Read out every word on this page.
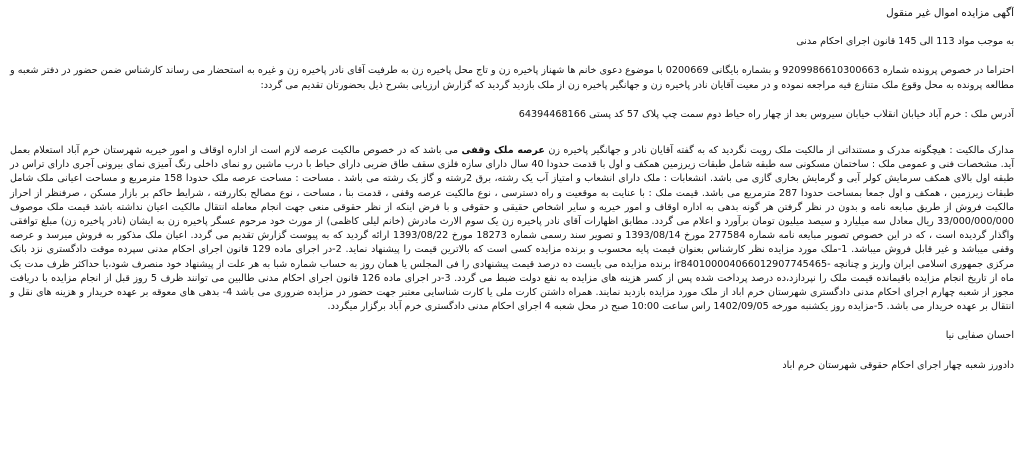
آگهی مزایده اموال غیر منقول
به موجب مواد 113 الی 145 قانون اجرای احکام مدنی

احتراما در خصوص پرونده شماره 9209986610300663 و بشماره بایگانی 0200669 با موضوع دعوی خانم ها شهناز پاخیره زن و تاج محل پاخیره زن به طرفیت آقای نادر پاخیره زن و غیره به استحضار می رساند کارشناس ضمن حضور در دفتر شعبه و مطالعه پرونده به محل وقوع ملک متنازع فیه مراجعه نموده و در معیت آقایان نادر پاخیره زن و جهانگیر پاخیره زن از ملک بازدید گردید که گزارش ارزیابی بشرح ذیل بحضورتان تقدیم می گردد:

آدرس ملک : خرم آباد خیابان انقلاب خیابان سیروس بعد از چهار راه حیاط دوم سمت چپ پلاک 57 کد پستی 64394468166

مدارک مالکیت : هیچگونه مدرک و مستنداتی از مالکیت ملک رویت نگردید که به گفته آقایان نادر و جهانگیر پاخیره زن عرصه ملک وقفی می باشد که در خصوص مالکیت عرصه لازم است از اداره اوقاف و امور خیریه شهرستان خرم آباد استعلام بعمل آید. مشخصات فنی و عمومی ملک : ساختمان مسکونی سه طبقه شامل طبقات زیرزمین همکف و اول با قدمت حدودا 40 سال دارای سازه فلزی سقف طاق ضربی دارای حیاط با درب ماشین رو نمای داخلی رنگ آمیزی نمای بیرونی آجری دارای تراس در طبقه اول بالای همکف سرمایش کولر آبی و گرمایش بخاری گازی می باشد. انشعابات : ملک دارای انشعاب و امتیاز آب یک رشته، برق 2رشته و گاز یک رشته می باشد . مساحت : مساحت عرصه ملک حدودا 158 مترمربع و مساحت اعیانی ملک شامل طبقات زیرزمین ، همکف و اول جمعا بمساحت حدودا 287 مترمربع می باشد. قیمت ملک : با عنایت به موقعیت و راه دسترسی ، نوع مالکیت عرصه وقفی ، قدمت بنا ، مساحت ، نوع مصالح بکاررفته ، شرایط حاکم بر بازار مسکن ، صرفنظر از احراز مالکیت فروش از طریق مبایعه نامه و بدون در نظر گرفتن هر گونه بدهی به اداره اوقاف و امور خیریه و سایر اشخاص حقیقی و حقوقی و با فرض اینکه از نظر حقوقی منعی جهت انجام معامله انتقال مالکیت اعیان نداشته باشد قیمت ملک موصوف 33/000/000/000 ریال معادل سه میلیارد و سیصد میلیون تومان برآورد و اعلام می گردد. مطابق اظهارات آقای نادر پاخیره زن یک سوم الارث مادرش (خانم لیلی کاظمی) از مورث خود مرحوم عسگر پاخیره زن به ایشان (نادر پاخیره زن) مبلغ توافقی واگذار گردیده است ، که در این خصوص تصویر مبایعه نامه شماره 277584 مورخ 1393/08/14 و تصویر سند رسمی شماره 18273 مورخ 1393/08/22 ارائه گردید که به پیوست گزارش تقدیم می گردد. اعیان ملک مذکور به فروش میرسد و عرصه وقفی میباشد و غیر قابل فروش میباشد. 1-ملک مورد مزایده نظر کارشناس بعنوان قیمت پایه محسوب و برنده مزایده کسی است که بالاترین قیمت را پیشنهاد نماید. 2-در اجرای ماده 129 قانون اجرای احکام مدنی سپرده موقت دادگستری نزد بانک مرکزی جمهوری اسلامی ایران واریز و چنانچه -ir840100004066012907745465 برنده مزایده می بایست ده درصد قیمت پیشنهادی را فی المجلس یا همان روز به حساب شماره شبا به هر علت از پیشنهاد خود منصرف شود،یا حداکثر ظرف مدت یک ماه از تاریخ انجام مزایده باقیمانده قیمت ملک را نپردازد،ده درصد پرداخت شده پس از کسر هزینه های مزایده به نفع دولت ضبط می گردد. 3-در اجرای ماده 126 قانون اجرای احکام مدنی طالبین می توانند ظرف 5 روز قبل از انجام مزایده با دریافت مجوز از شعبه چهارم اجرای احکام مدنی دادگستری شهرستان خرم اباد از ملک مورد مزایده بازدید نمایند. همراه داشتن کارت ملی یا کارت شناسایی معتبر جهت حضور در مزایده ضروری می باشد 4- بدهی های معوقه بر عهده خریدار و هزینه های نقل و انتقال بر عهده خریدار می باشد. 5-مزایده روز یکشنبه مورخه 1402/09/05 راس ساعت 10:00 صبح در محل شعبه 4 اجرای احکام مدنی دادگستری خرم آباد برگزار میگردد.

احسان صفایی نیا
دادورز شعبه چهار اجرای احکام حقوقی شهرستان خرم اباد
